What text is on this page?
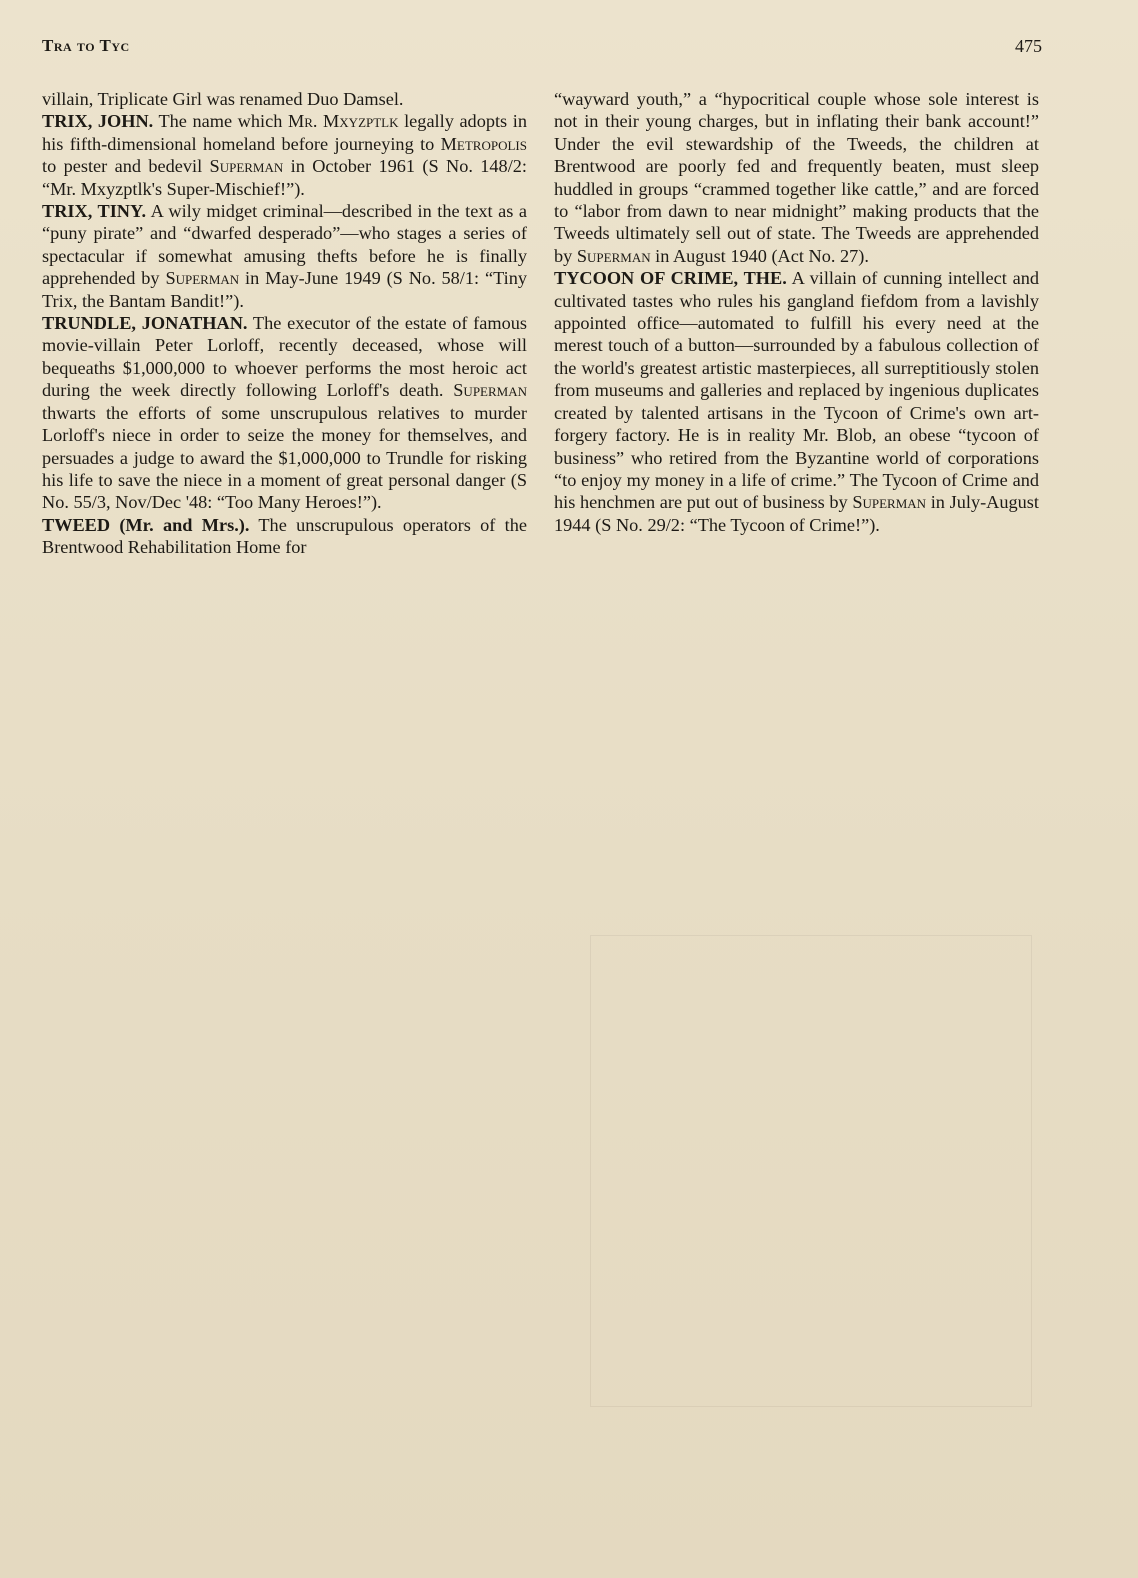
Tra to Tyc	475

villain, Triplicate Girl was renamed Duo Damsel.

TRIX, JOHN. The name which Mr. Mxyzptlk legally adopts in his fifth-dimensional homeland before journeying to Metropolis to pester and bedevil Superman in October 1961 (S No. 148/2: “Mr. Mxyzptlk's Super-Mischief!”).

TRIX, TINY. A wily midget criminal—described in the text as a “puny pirate” and “dwarfed desperado”—who stages a series of spectacular if somewhat amusing thefts before he is finally apprehended by Superman in May-June 1949 (S No. 58/1: “Tiny Trix, the Bantam Bandit!”).

TRUNDLE, JONATHAN. The executor of the estate of famous movie-villain Peter Lorloff, recently deceased, whose will bequeaths $1,000,000 to whoever performs the most heroic act during the week directly following Lorloff's death. Superman thwarts the efforts of some unscrupulous relatives to murder Lorloff's niece in order to seize the money for themselves, and persuades a judge to award the $1,000,000 to Trundle for risking his life to save the niece in a moment of great personal danger (S No. 55/3, Nov/Dec '48: “Too Many Heroes!”).

TWEED (Mr. and Mrs.). The unscrupulous operators of the Brentwood Rehabilitation Home for

“wayward youth,” a “hypocritical couple whose sole interest is not in their young charges, but in inflating their bank account!” Under the evil stewardship of the Tweeds, the children at Brentwood are poorly fed and frequently beaten, must sleep huddled in groups “crammed together like cattle,” and are forced to “labor from dawn to near midnight” making products that the Tweeds ultimately sell out of state. The Tweeds are apprehended by Superman in August 1940 (Act No. 27).

TYCOON OF CRIME, THE. A villain of cunning intellect and cultivated tastes who rules his gangland fiefdom from a lavishly appointed office—automated to fulfill his every need at the merest touch of a button—surrounded by a fabulous collection of the world's greatest artistic masterpieces, all surreptitiously stolen from museums and galleries and replaced by ingenious duplicates created by talented artisans in the Tycoon of Crime's own art-forgery factory. He is in reality Mr. Blob, an obese “tycoon of business” who retired from the Byzantine world of corporations “to enjoy my money in a life of crime.” The Tycoon of Crime and his henchmen are put out of business by Superman in July-August 1944 (S No. 29/2: “The Tycoon of Crime!”).
